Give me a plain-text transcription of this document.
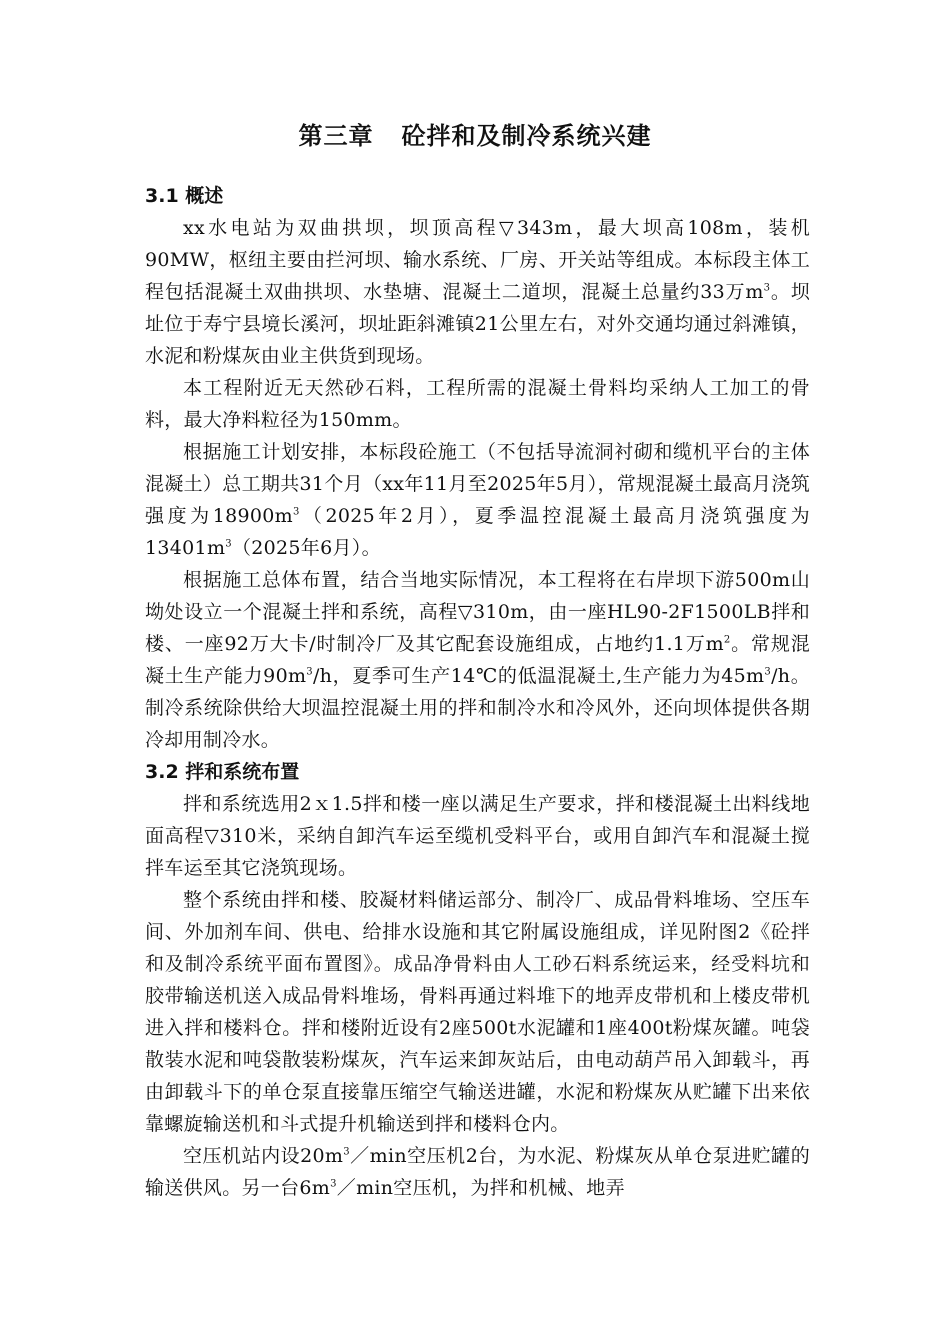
第三章 砼拌和及制冷系统兴建
3.1 概述

xx水电站为双曲拱坝，坝顶高程▽343m，最大坝高108m，装机90MW，枢纽主要由拦河坝、输水系统、厂房、开关站等组成。本标段主体工程包括混凝土双曲拱坝、水垫塘、混凝土二道坝，混凝土总量约33万$m^3$。坝址位于寿宁县境长溪河，坝址距斜滩镇21公里左右，对外交通均通过斜滩镇，水泥和粉煤灰由业主供货到现场。

本工程附近无天然砂石料，工程所需的混凝土骨料均采纳人工加工的骨料，最大净料粒径为150mm。

根据施工计划安排，本标段砼施工（不包括导流洞衬砌和缆机平台的主体混凝土）总工期共31个月（xx年11月至2025年5月），常规混凝土最高月浇筑强度为$18900m^3(2025$年2月），夏季温控混凝土最高月浇筑强度为$13401m^3(2025$年6月）。

根据施工总体布置，结合当地实际情况，本工程将在右岸坝下游500m山坳处设立一个混凝土拌和系统，高程▽310m，由一座HL90-2F1500LB拌和楼、一座92万大卡/时制冷厂及其它配套设施组成，占地约1.1万$m^2$。常规混凝土生产能力$90m^3/h$，夏季可生产14℃的低温混凝土,生产能力为$45m^3/h$。制冷系统除供给大坝温控混凝土用的拌和制冷水和冷风外，还向坝体提供各期冷却用制冷水。

3.2 拌和系统布置

拌和系统选用2ｘ1.5拌和楼一座以满足生产要求，拌和楼混凝土出料线地面高程▽310米，采纳自卸汽车运至缆机受料平台，或用自卸汽车和混凝土搅拌车运至其它浇筑现场。

整个系统由拌和楼、胶凝材料储运部分、制冷厂、成品骨料堆场、空压车间、外加剂车间、供电、给排水设施和其它附属设施组成，详见附图2《砼拌和及制冷系统平面布置图》。成品净骨料由人工砂石料系统运来，经受料坑和胶带输送机送入成品骨料堆场，骨料再通过料堆下的地弄皮带机和上楼皮带机进入拌和楼料仓。拌和楼附近设有2座500t水泥罐和1座400t粉煤灰罐。吨袋散装水泥和吨袋散装粉煤灰，汽车运来卸灰站后，由电动葫芦吊入卸载斗，再由卸载斗下的单仓泵直接靠压缩空气输送进罐，水泥和粉煤灰从贮罐下出来依靠螺旋输送机和斗式提升机输送到拌和楼料仓内。

空压机站内设$20m^3/\min$空压机2台，为水泥、粉煤灰从单仓泵进贮罐的输送供风。另一台$6m^3/\min$空压机，为拌和机械、地弄
